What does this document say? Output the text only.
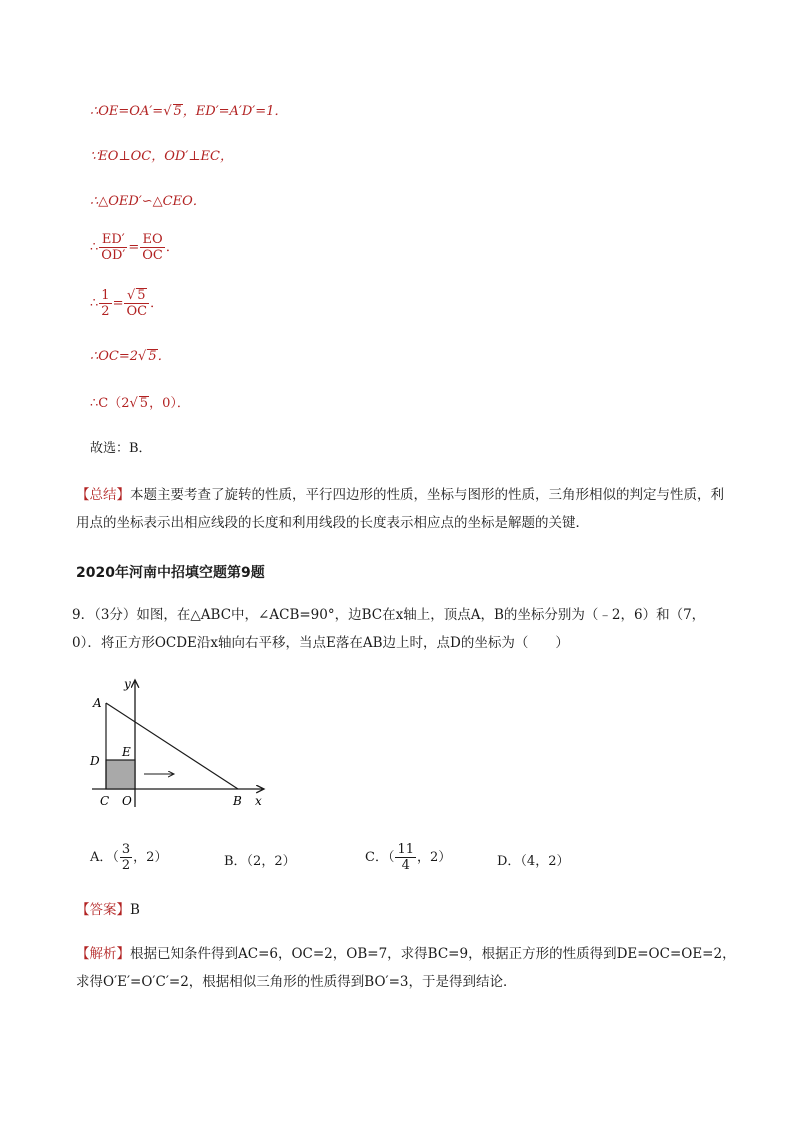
∴OE=OA′=√ 5，ED′=A′D′=1．
∵EO⊥OC，OD′⊥EC，
∴△OED′∽△CEO．
∴ $\frac{ED'}{OD'} = \frac{EO}{OC}$ ．
∴ $\frac{1}{2} = \frac{√ 5}{OC}$ ．
∴OC=2√ 5．
∴C（2√ 5，0）．
故选：B．
【总结】本题主要考查了旋转的性质，平行四边形的性质，坐标与图形的性质，三角形相似的判定与性质，利用点的坐标表示出相应线段的长度和利用线段的长度表示相应点的坐标是解题的关键．
2020年河南中招填空题第9题
9．（3分）如图，在△ABC中，∠ACB=90°，边BC在x轴上，顶点A，B的坐标分别为（﹣2，6）和（7，0）．将正方形OCDE沿x轴向右平移，当点E落在AB边上时，点D的坐标为（　　）
y
A
D
E
C O	B x
A．（ $\frac{3}{2}$ ，2）	B．（2，2）	C．（ $\frac{11}{4}$ ，2）	D．（4，2）
【答案】B
【解析】根据已知条件得到AC=6，OC=2，OB=7，求得BC=9，根据正方形的性质得到DE=OC=OE=2，求得O′E′=O′C′=2，根据相似三角形的性质得到BO′=3，于是得到结论．
